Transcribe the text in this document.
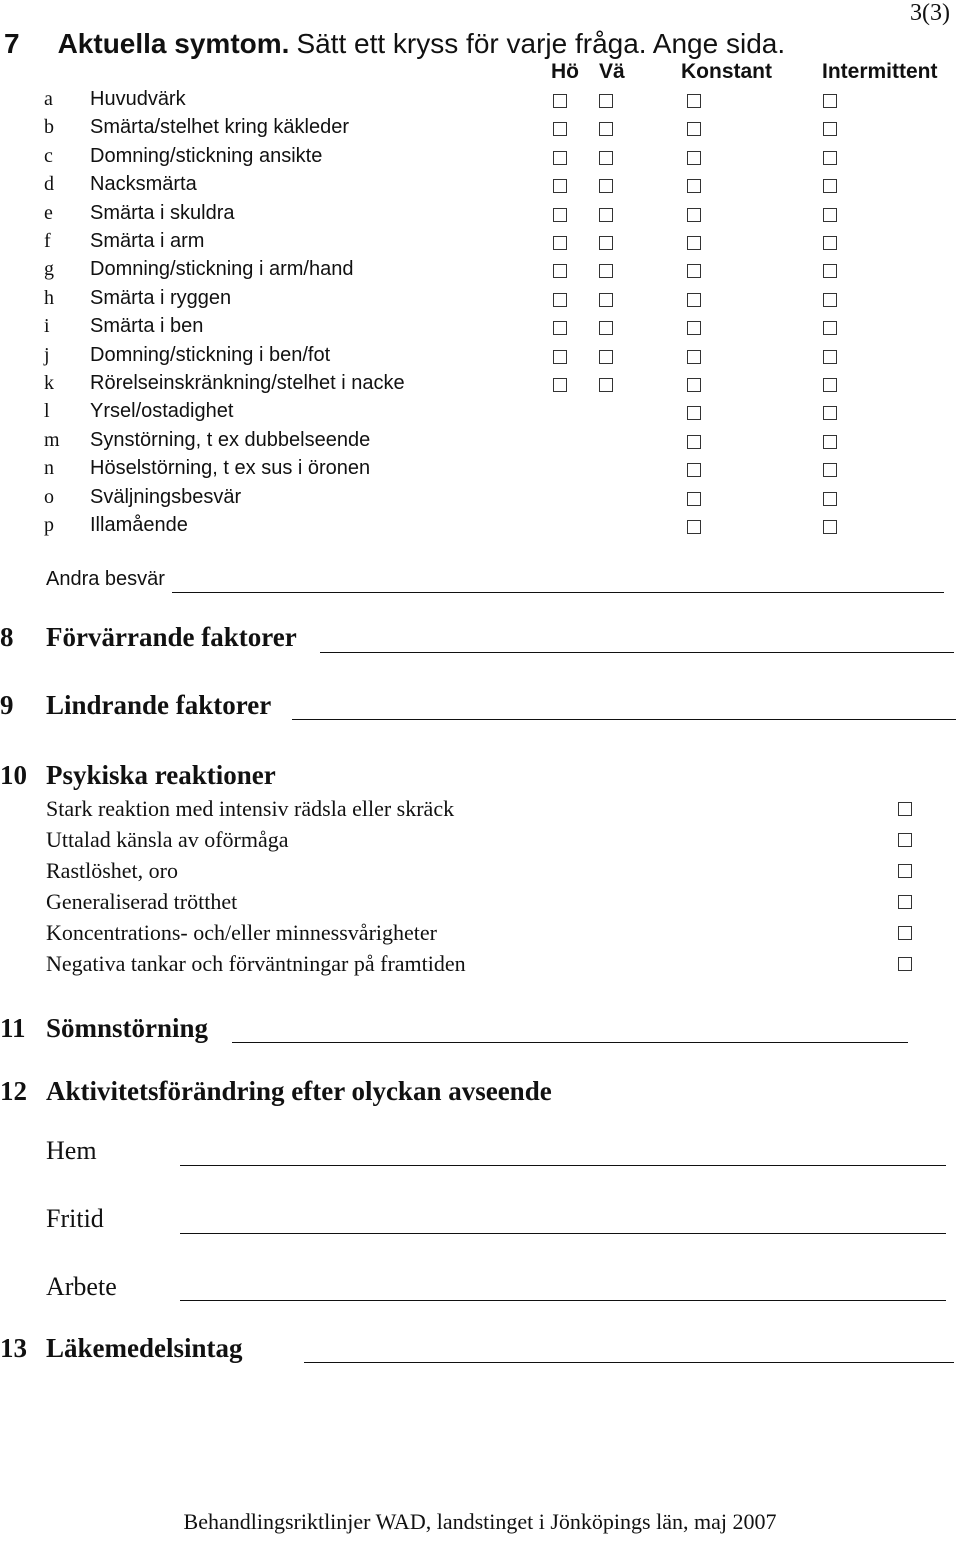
3(3)
7 Aktuella symtom. Sätt ett kryss för varje fråga. Ange sida.
Hö Vä	Konstant Intermittent
a Huvudvärk
b Smärta/stelhet kring käkleder
c Domning/stickning ansikte
d Nacksmärta
e Smärta i skuldra
f Smärta i arm
g Domning/stickning i arm/hand
h Smärta i ryggen
i Smärta i ben
j Domning/stickning i ben/fot
k Rörelseinskränkning/stelhet i nacke
l Yrsel/ostadighet
m Synstörning, t ex dubbelseende
n Höselstörning, t ex sus i öronen
o Sväljningsbesvär
p Illamående
Andra besvär
8 Förvärrande faktorer
9 Lindrande faktorer
10 Psykiska reaktioner
Stark reaktion med intensiv rädsla eller skräck
Uttalad känsla av oförmåga
Rastlöshet, oro
Generaliserad trötthet
Koncentrations- och/eller minnessvårigheter
Negativa tankar och förväntningar på framtiden
11 Sömnstörning
12 Aktivitetsförändring efter olyckan avseende
Hem
Fritid
Arbete
13 Läkemedelsintag
Behandlingsriktlinjer WAD, landstinget i Jönköpings län, maj 2007
